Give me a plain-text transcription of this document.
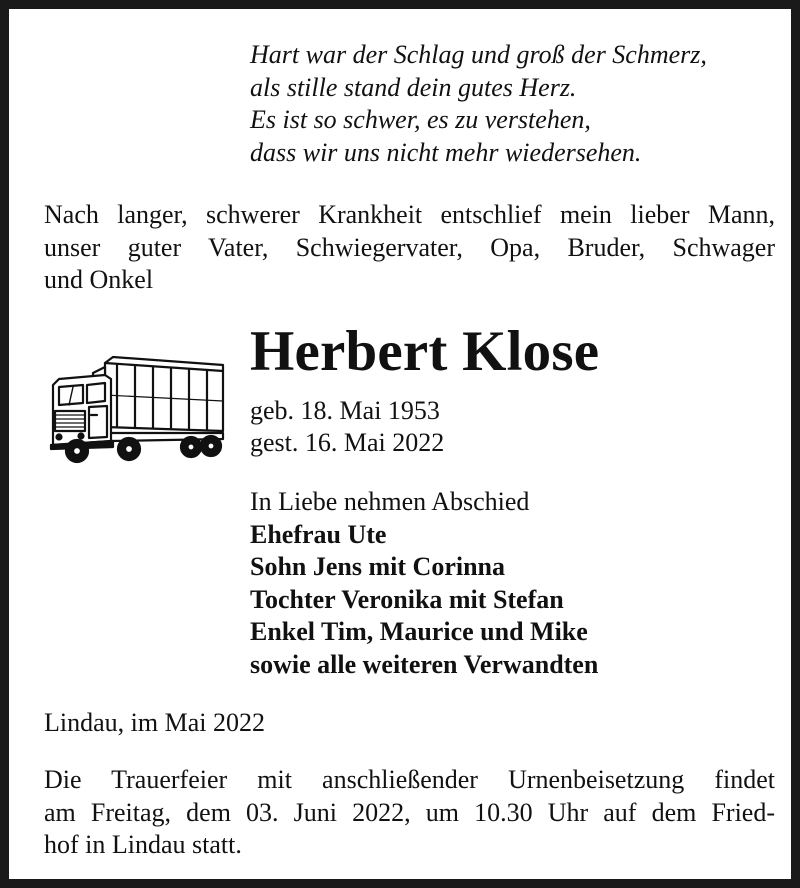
Hart war der Schlag und groß der Schmerz,
als stille stand dein gutes Herz.
Es ist so schwer, es zu verstehen,
dass wir uns nicht mehr wiedersehen.
Nach langer, schwerer Krankheit entschlief mein lieber Mann,
unser guter Vater, Schwiegervater, Opa, Bruder, Schwager
und Onkel
Herbert Klose
geb. 18. Mai 1953
gest. 16. Mai 2022
In Liebe nehmen Abschied
Ehefrau Ute
Sohn Jens mit Corinna
Tochter Veronika mit Stefan
Enkel Tim, Maurice und Mike
sowie alle weiteren Verwandten
Lindau, im Mai 2022
Die Trauerfeier mit anschließender Urnenbeisetzung findet
am Freitag, dem 03. Juni 2022, um 10.30 Uhr auf dem Fried-
hof in Lindau statt.
